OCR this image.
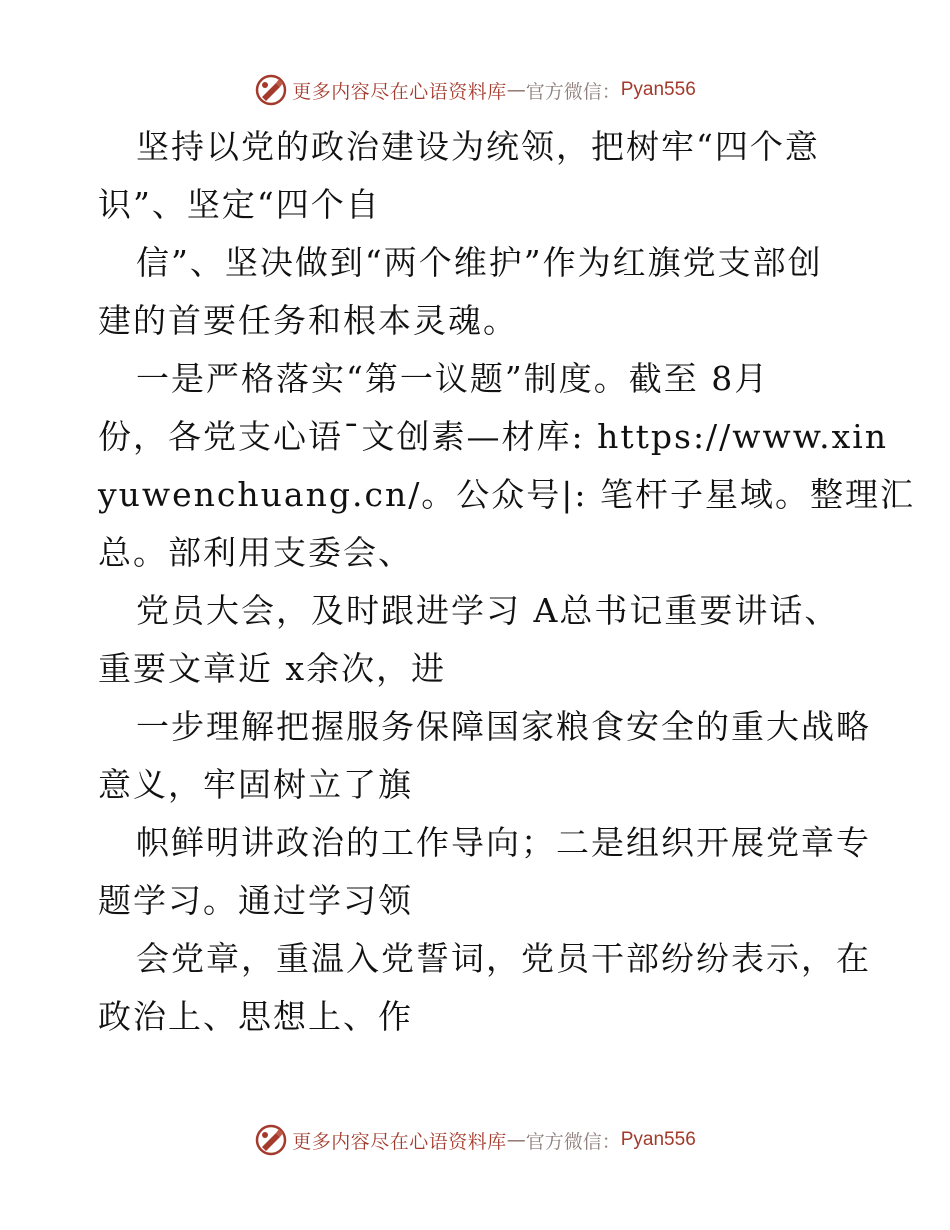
更多内容尽在心语资料库 — 官方微信： Pyan556
坚持以党的政治建设为统领，把树牢“四个意
识”、坚定“四个自
信”、坚决做到“两个维护”作为红旗党支部创
建的首要任务和根本灵魂。
一是严格落实“第一议题”制度。截至 8月
份，各党支心语¯文创素—材库: https://www.xin
yuwenchuang.cn/。公众号|: 笔杆子星域。整理汇
总。部利用支委会、
党员大会，及时跟进学习 A总书记重要讲话、
重要文章近 x余次，进
一步理解把握服务保障国家粮食安全的重大战略
意义，牢固树立了旗
帜鲜明讲政治的工作导向；二是组织开展党章专
题学习。通过学习领
会党章，重温入党誓词，党员干部纷纷表示，在
政治上、思想上、作
更多内容尽在心语资料库 — 官方微信： Pyan556
